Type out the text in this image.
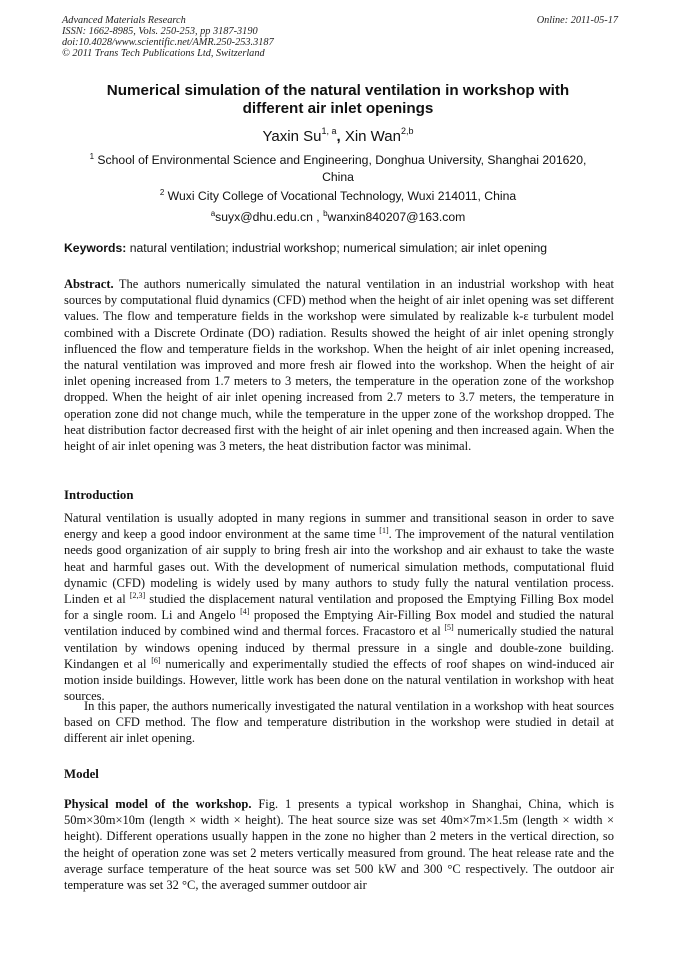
Advanced Materials Research
ISSN: 1662-8985, Vols. 250-253, pp 3187-3190
doi:10.4028/www.scientific.net/AMR.250-253.3187
© 2011 Trans Tech Publications Ltd, Switzerland
Online: 2011-05-17
Numerical simulation of the natural ventilation in workshop with
different air inlet openings
Yaxin Su$^{1, a}$, Xin Wan$^{2,b}$
$^1$ School of Environmental Science and Engineering, Donghua University, Shanghai 201620,
China
$^2$ Wuxi City College of Vocational Technology, Wuxi 214011, China
$^a$suyx@dhu.edu.cn , $^b$wanxin840207@163.com
Keywords: natural ventilation; industrial workshop; numerical simulation; air inlet opening
Abstract. The authors numerically simulated the natural ventilation in an industrial workshop with heat sources by computational fluid dynamics (CFD) method when the height of air inlet opening was set different values. The flow and temperature fields in the workshop were simulated by realizable k-ε turbulent model combined with a Discrete Ordinate (DO) radiation. Results showed the height of air inlet opening strongly influenced the flow and temperature fields in the workshop. When the height of air inlet opening increased, the natural ventilation was improved and more fresh air flowed into the workshop. When the height of air inlet opening increased from 1.7 meters to 3 meters, the temperature in the operation zone of the workshop dropped. When the height of air inlet opening increased from 2.7 meters to 3.7 meters, the temperature in operation zone did not change much, while the temperature in the upper zone of the workshop dropped. The heat distribution factor decreased first with the height of air inlet opening and then increased again. When the height of air inlet opening was 3 meters, the heat distribution factor was minimal.
Introduction
Natural ventilation is usually adopted in many regions in summer and transitional season in order to save energy and keep a good indoor environment at the same time [1]. The improvement of the natural ventilation needs good organization of air supply to bring fresh air into the workshop and air exhaust to take the waste heat and harmful gases out. With the development of numerical simulation methods, computational fluid dynamic (CFD) modeling is widely used by many authors to study fully the natural ventilation process. Linden et al [2,3] studied the displacement natural ventilation and proposed the Emptying Filling Box model for a single room. Li and Angelo [4] proposed the Emptying Air-Filling Box model and studied the natural ventilation induced by combined wind and thermal forces. Fracastoro et al [5] numerically studied the natural ventilation by windows opening induced by thermal pressure in a single and double-zone building. Kindangen et al [6] numerically and experimentally studied the effects of roof shapes on wind-induced air motion inside buildings. However, little work has been done on the natural ventilation in workshop with heat sources.
In this paper, the authors numerically investigated the natural ventilation in a workshop with heat sources based on CFD method. The flow and temperature distribution in the workshop were studied in detail at different air inlet opening.
Model
Physical model of the workshop. Fig. 1 presents a typical workshop in Shanghai, China, which is 50m×30m×10m (length × width × height). The heat source size was set 40m×7m×1.5m (length × width × height). Different operations usually happen in the zone no higher than 2 meters in the vertical direction, so the height of operation zone was set 2 meters vertically measured from ground. The heat release rate and the average surface temperature of the heat source was set 500 kW and 300 °C respectively. The outdoor air temperature was set 32 °C, the averaged summer outdoor air
